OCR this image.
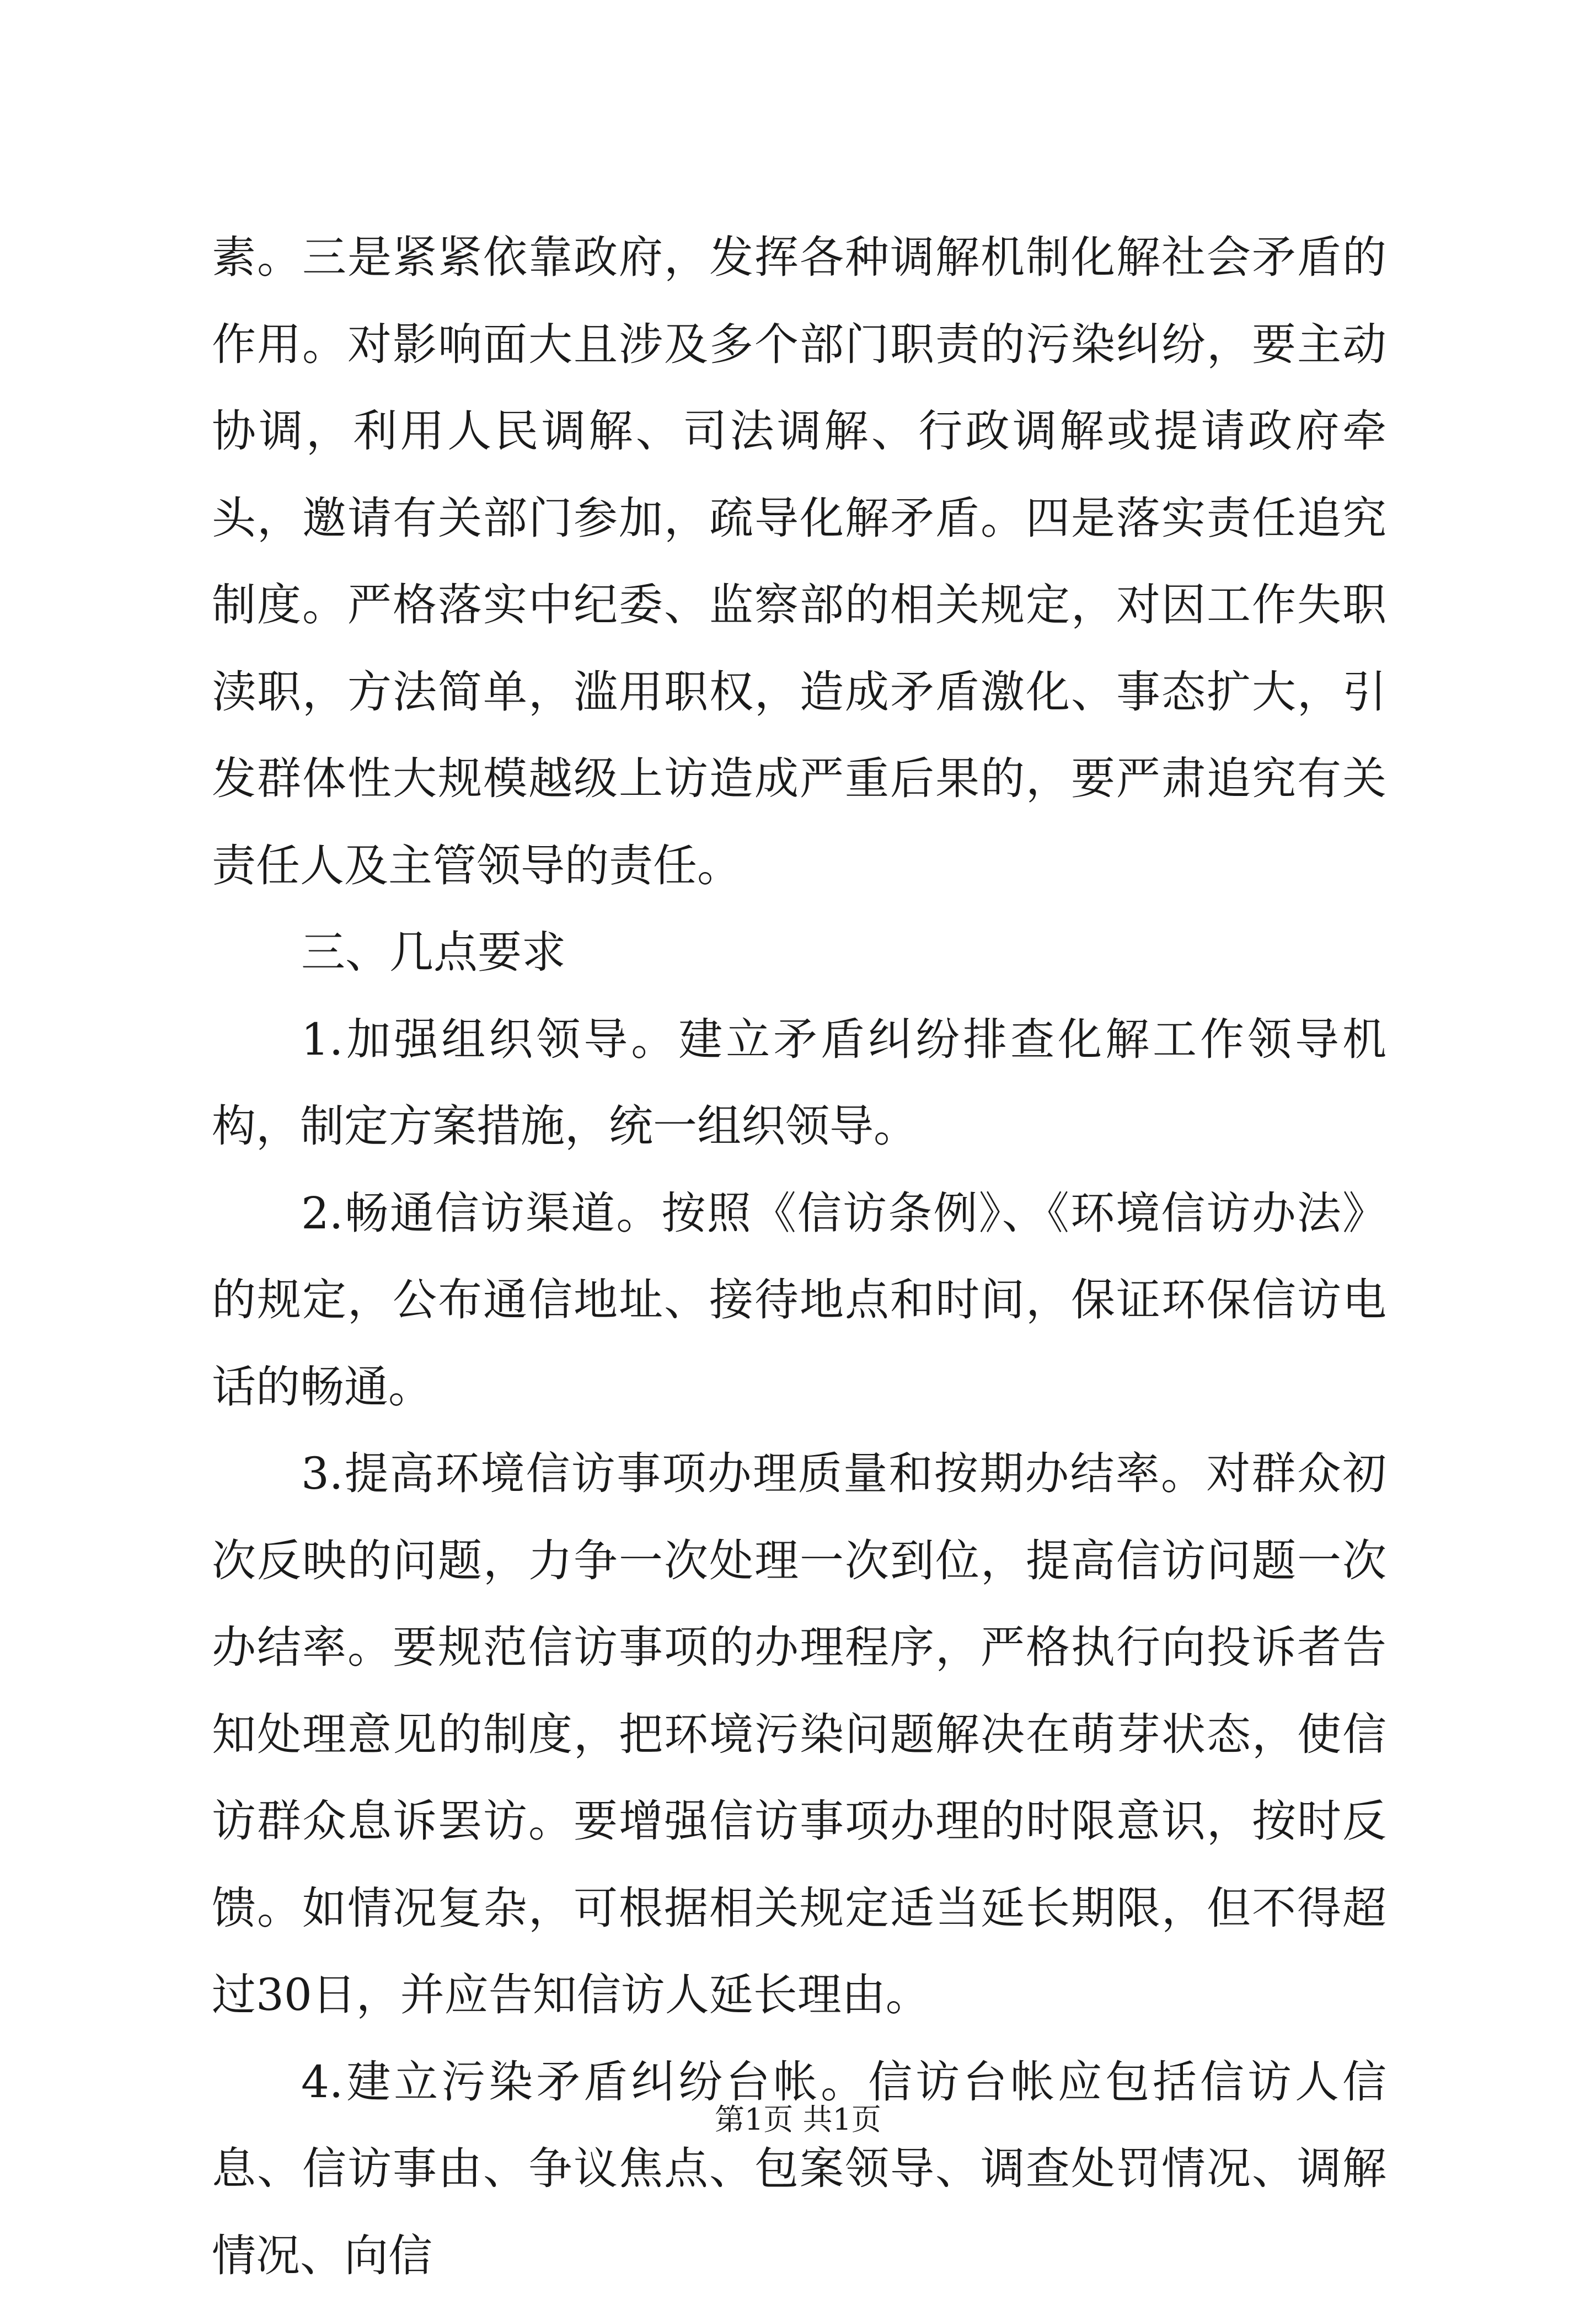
素。三是紧紧依靠政府，发挥各种调解机制化解社会矛盾的作用。对影响面大且涉及多个部门职责的污染纠纷，要主动协调，利用人民调解、司法调解、行政调解或提请政府牵头，邀请有关部门参加，疏导化解矛盾。四是落实责任追究制度。严格落实中纪委、监察部的相关规定，对因工作失职渎职，方法简单，滥用职权，造成矛盾激化、事态扩大，引发群体性大规模越级上访造成严重后果的，要严肃追究有关责任人及主管领导的责任。

三、几点要求

1.加强组织领导。建立矛盾纠纷排查化解工作领导机构，制定方案措施，统一组织领导。

2.畅通信访渠道。按照《信访条例》、《环境信访办法》的规定，公布通信地址、接待地点和时间，保证环保信访电话的畅通。

3.提高环境信访事项办理质量和按期办结率。对群众初次反映的问题，力争一次处理一次到位，提高信访问题一次办结率。要规范信访事项的办理程序，严格执行向投诉者告知处理意见的制度，把环境污染问题解决在萌芽状态，使信访群众息诉罢访。要增强信访事项办理的时限意识，按时反馈。如情况复杂，可根据相关规定适当延长期限，但不得超过30日，并应告知信访人延长理由。

4.建立污染矛盾纠纷台帐。信访台帐应包括信访人信息、信访事由、争议焦点、包案领导、调查处罚情况、调解情况、向信

第1页 共1页
